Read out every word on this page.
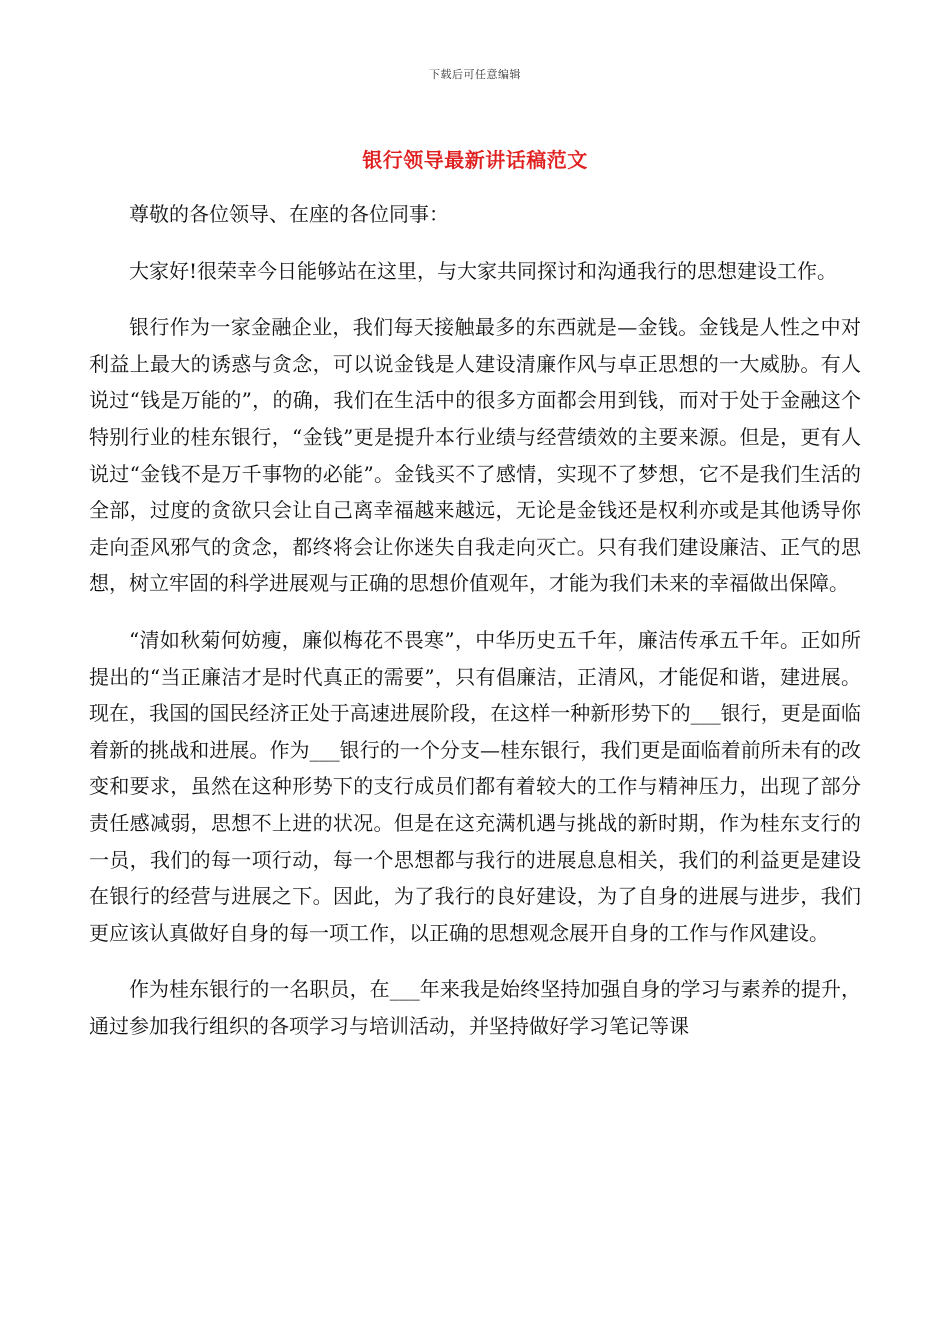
下载后可任意编辑
银行领导最新讲话稿范文

尊敬的各位领导、在座的各位同事：

大家好!很荣幸今日能够站在这里，与大家共同探讨和沟通我行的思想建设工作。

银行作为一家金融企业，我们每天接触最多的东西就是—金钱。金钱是人性之中对利益上最大的诱惑与贪念，可以说金钱是人建设清廉作风与卓正思想的一大威胁。有人说过“钱是万能的”，的确，我们在生活中的很多方面都会用到钱，而对于处于金融这个特别行业的桂东银行，“金钱”更是提升本行业绩与经营绩效的主要来源。但是，更有人说过“金钱不是万千事物的必能”。金钱买不了感情，实现不了梦想，它不是我们生活的全部，过度的贪欲只会让自己离幸福越来越远，无论是金钱还是权利亦或是其他诱导你走向歪风邪气的贪念，都终将会让你迷失自我走向灭亡。只有我们建设廉洁、正气的思想，树立牢固的科学进展观与正确的思想价值观年，才能为我们未来的幸福做出保障。

“清如秋菊何妨瘦，廉似梅花不畏寒”，中华历史五千年，廉洁传承五千年。正如所提出的“当正廉洁才是时代真正的需要”，只有倡廉洁，正清风，才能促和谐，建进展。现在，我国的国民经济正处于高速进展阶段，在这样一种新形势下的___银行，更是面临着新的挑战和进展。作为___银行的一个分支—桂东银行，我们更是面临着前所未有的改变和要求，虽然在这种形势下的支行成员们都有着较大的工作与精神压力，出现了部分责任感减弱，思想不上进的状况。但是在这充满机遇与挑战的新时期，作为桂东支行的一员，我们的每一项行动，每一个思想都与我行的进展息息相关，我们的利益更是建设在银行的经营与进展之下。因此，为了我行的良好建设，为了自身的进展与进步，我们更应该认真做好自身的每一项工作，以正确的思想观念展开自身的工作与作风建设。

作为桂东银行的一名职员，在___年来我是始终坚持加强自身的学习与素养的提升，通过参加我行组织的各项学习与培训活动，并坚持做好学习笔记等课
